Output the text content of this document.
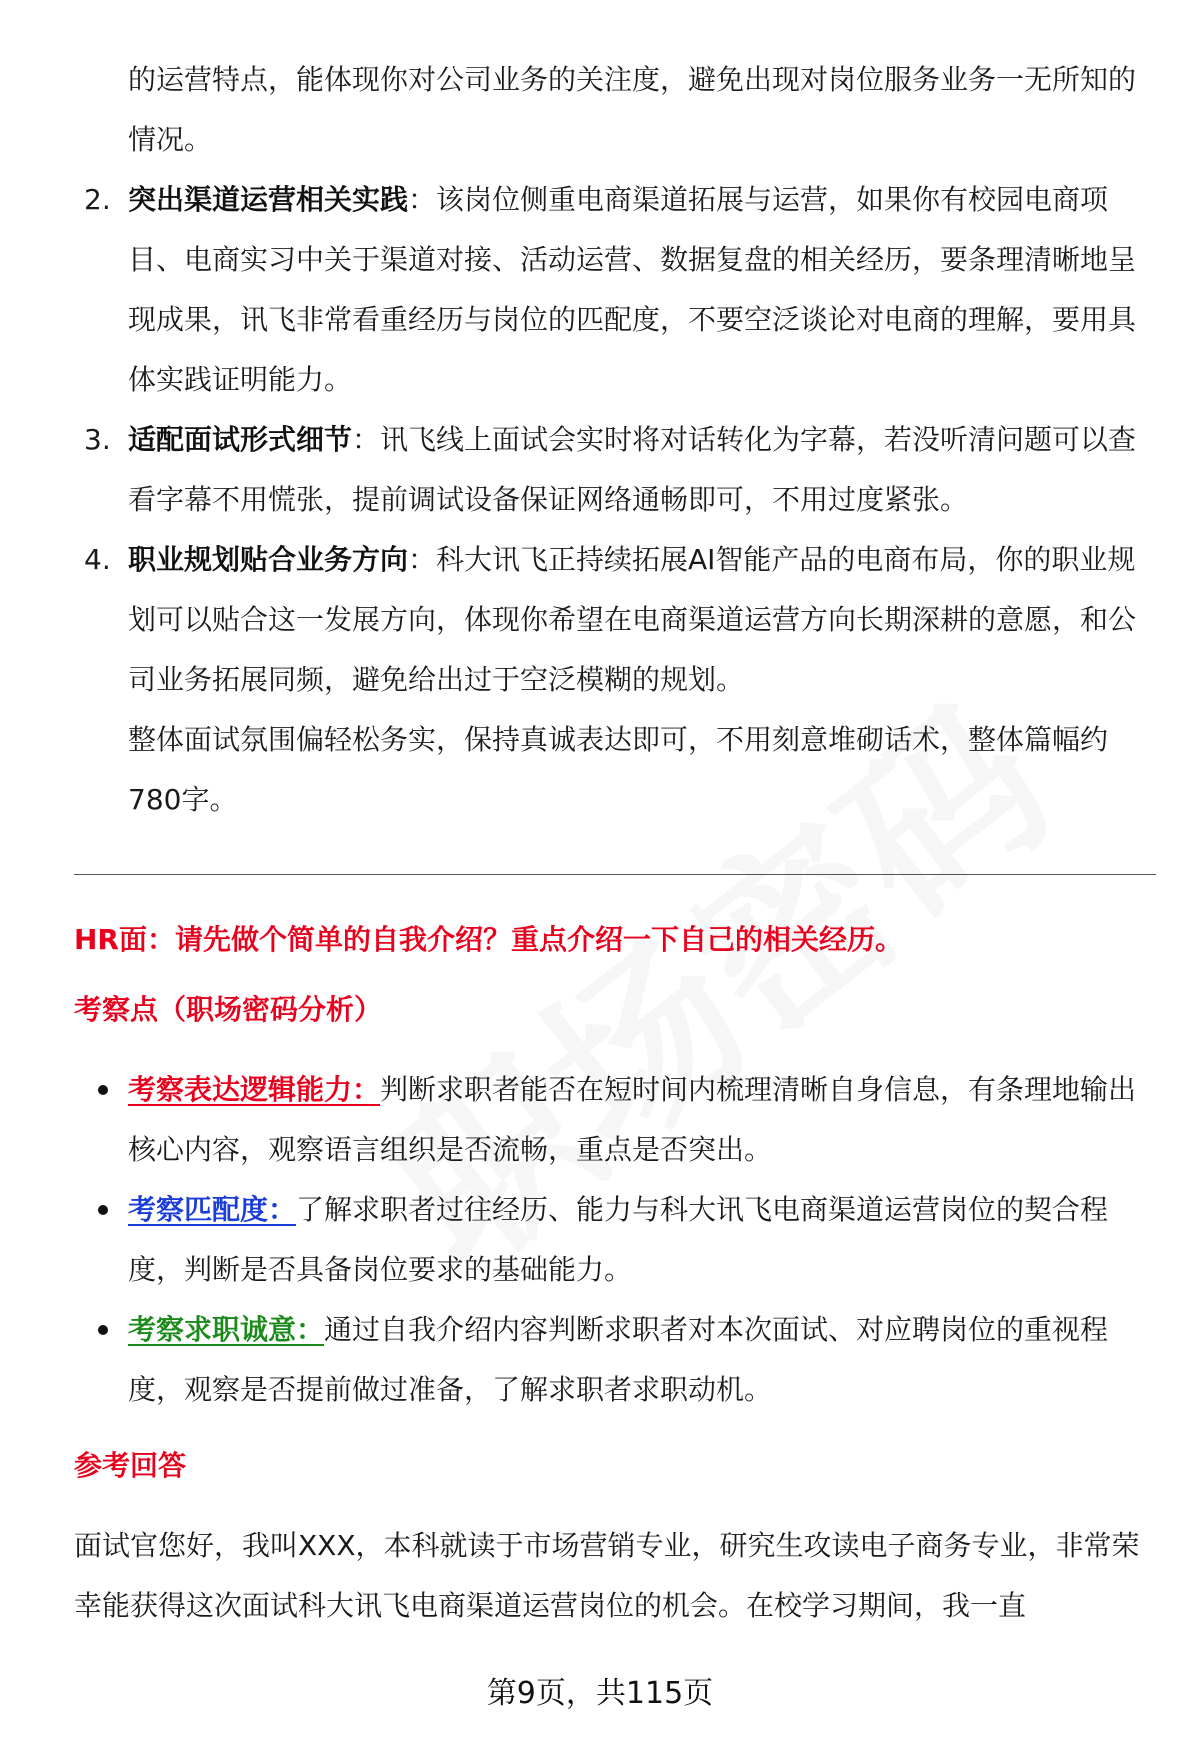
的运营特点，能体现你对公司业务的关注度，避免出现对岗位服务业务一无所知的情况。

2. 突出渠道运营相关实践：该岗位侧重电商渠道拓展与运营，如果你有校园电商项目、电商实习中关于渠道对接、活动运营、数据复盘的相关经历，要条理清晰地呈现成果，讯飞非常看重经历与岗位的匹配度，不要空泛谈论对电商的理解，要用具体实践证明能力。

3. 适配面试形式细节：讯飞线上面试会实时将对话转化为字幕，若没听清问题可以查看字幕不用慌张，提前调试设备保证网络通畅即可，不用过度紧张。

4. 职业规划贴合业务方向：科大讯飞正持续拓展AI智能产品的电商布局，你的职业规划可以贴合这一发展方向，体现你希望在电商渠道运营方向长期深耕的意愿，和公司业务拓展同频，避免给出过于空泛模糊的规划。

整体面试氛围偏轻松务实，保持真诚表达即可，不用刻意堆砌话术，整体篇幅约780字。

HR面：请先做个简单的自我介绍？重点介绍一下自己的相关经历。

考察点（职场密码分析）

考察表达逻辑能力：判断求职者能否在短时间内梳理清晰自身信息，有条理地输出核心内容，观察语言组织是否流畅，重点是否突出。

考察匹配度：了解求职者过往经历、能力与科大讯飞电商渠道运营岗位的契合程度，判断是否具备岗位要求的基础能力。

考察求职诚意：通过自我介绍内容判断求职者对本次面试、对应聘岗位的重视程度，观察是否提前做过准备，了解求职者求职动机。

参考回答

面试官您好，我叫XXX，本科就读于市场营销专业，研究生攻读电子商务专业，非常荣幸能获得这次面试科大讯飞电商渠道运营岗位的机会。在校学习期间，我一直

第9页，共115页
